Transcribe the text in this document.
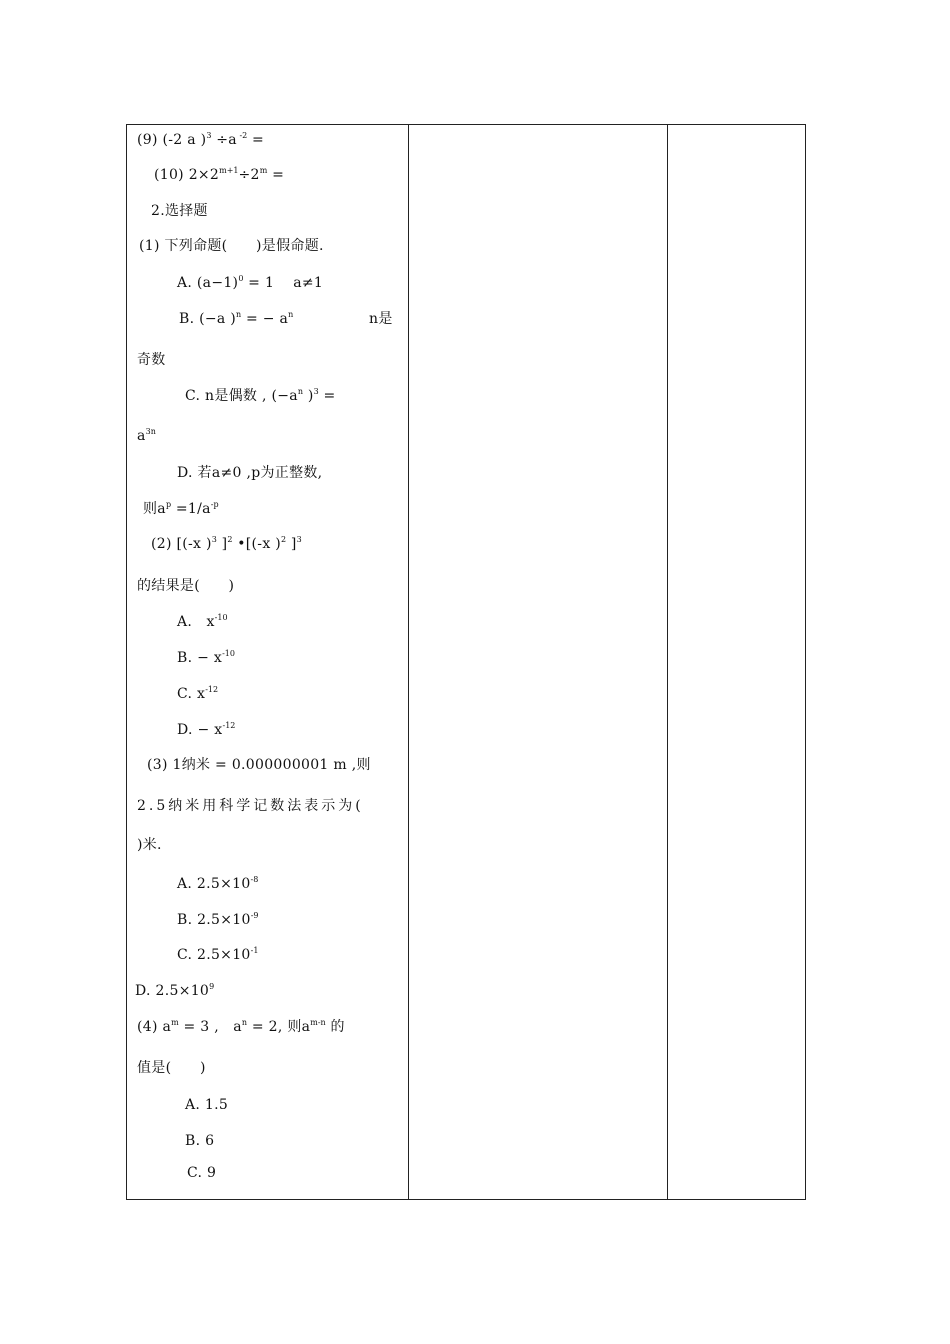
(9) (-2 a )$^3$ ÷a $^{-2}$ =
(10) $2\times 2^{m+1}\div 2^m$ =
2.选择题
(1) 下列命题(　　)是假命题.
A. $(a-1)^0 = 1$　 a≠1
B. (−a )$^n$ = − $a^n$	n是
奇数
C. n是偶数 , ($-a^n$ )$^3$ =
$a^{3n}$
D. 若a≠0 ,p为正整数,
则$a^p =1/a^{-p}$
(2) [(-x )$^3$ ]$^2$ •[(-x )$^2$ ]$^3$
的结果是(　　)
A.　$x^{-10}$
B. − $x^{-10}$
C. $x^{-12}$
D. − $x^{-12}$
(3) 1纳米 = 0.000000001 m ,则
2.5纳米用科学记数法表示为(
)米.
A. $2.5\times 10^{-8}$
B. $2.5\times 10^{-9}$
C. $2.5\times 10^{-1}$
D. $2.5\times 10^9$
(4) $a^m = 3$ ,　$a^n = 2$, 则$a^{m-n}$ 的
值是(　　)
A. 1.5
B. 6
C. 9
